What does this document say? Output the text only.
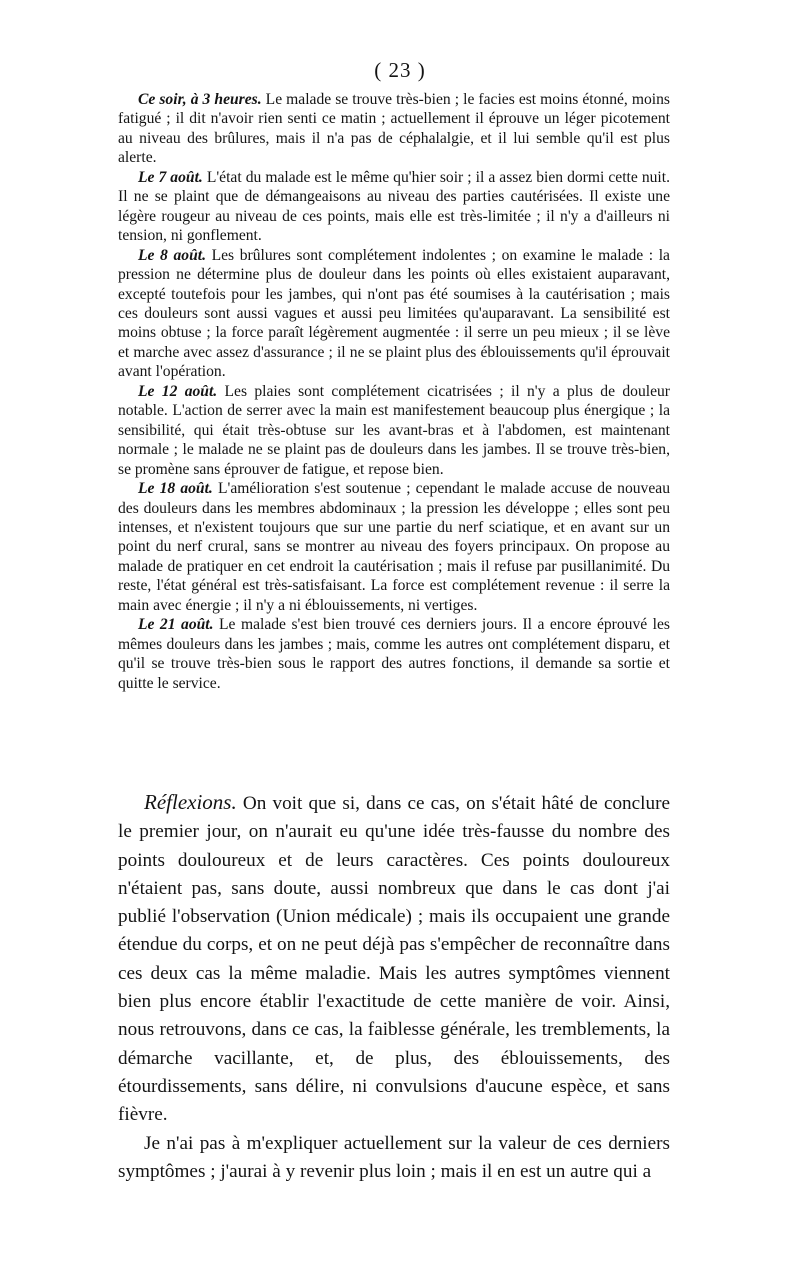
( 23 )

Ce soir, à 3 heures. Le malade se trouve très-bien ; le facies est moins étonné, moins fatigué ; il dit n'avoir rien senti ce matin ; actuellement il éprouve un léger picotement au niveau des brûlures, mais il n'a pas de céphalalgie, et il lui semble qu'il est plus alerte.

Le 7 août. L'état du malade est le même qu'hier soir ; il a assez bien dormi cette nuit. Il ne se plaint que de démangeaisons au niveau des parties cautérisées. Il existe une légère rougeur au niveau de ces points, mais elle est très-limitée ; il n'y a d'ailleurs ni tension, ni gonflement.

Le 8 août. Les brûlures sont complétement indolentes ; on examine le malade : la pression ne détermine plus de douleur dans les points où elles existaient auparavant, excepté toutefois pour les jambes, qui n'ont pas été soumises à la cautérisation ; mais ces douleurs sont aussi vagues et aussi peu limitées qu'auparavant. La sensibilité est moins obtuse ; la force paraît légèrement augmentée : il serre un peu mieux ; il se lève et marche avec assez d'assurance ; il ne se plaint plus des éblouissements qu'il éprouvait avant l'opération.

Le 12 août. Les plaies sont complétement cicatrisées ; il n'y a plus de douleur notable. L'action de serrer avec la main est manifestement beaucoup plus énergique ; la sensibilité, qui était très-obtuse sur les avant-bras et à l'abdomen, est maintenant normale ; le malade ne se plaint pas de douleurs dans les jambes. Il se trouve très-bien, se promène sans éprouver de fatigue, et repose bien.

Le 18 août. L'amélioration s'est soutenue ; cependant le malade accuse de nouveau des douleurs dans les membres abdominaux ; la pression les développe ; elles sont peu intenses, et n'existent toujours que sur une partie du nerf sciatique, et en avant sur un point du nerf crural, sans se montrer au niveau des foyers principaux. On propose au malade de pratiquer en cet endroit la cautérisation ; mais il refuse par pusillanimité. Du reste, l'état général est très-satisfaisant. La force est complétement revenue : il serre la main avec énergie ; il n'y a ni éblouissements, ni vertiges.

Le 21 août. Le malade s'est bien trouvé ces derniers jours. Il a encore éprouvé les mêmes douleurs dans les jambes ; mais, comme les autres ont complétement disparu, et qu'il se trouve très-bien sous le rapport des autres fonctions, il demande sa sortie et quitte le service.

Réflexions. On voit que si, dans ce cas, on s'était hâté de conclure le premier jour, on n'aurait eu qu'une idée très-fausse du nombre des points douloureux et de leurs caractères. Ces points douloureux n'étaient pas, sans doute, aussi nombreux que dans le cas dont j'ai publié l'observation (Union médicale) ; mais ils occupaient une grande étendue du corps, et on ne peut déjà pas s'empêcher de reconnaître dans ces deux cas la même maladie. Mais les autres symptômes viennent bien plus encore établir l'exactitude de cette manière de voir. Ainsi, nous retrouvons, dans ce cas, la faiblesse générale, les tremblements, la démarche vacillante, et, de plus, des éblouissements, des étourdissements, sans délire, ni convulsions d'aucune espèce, et sans fièvre.

Je n'ai pas à m'expliquer actuellement sur la valeur de ces derniers symptômes ; j'aurai à y revenir plus loin ; mais il en est un autre qui a
